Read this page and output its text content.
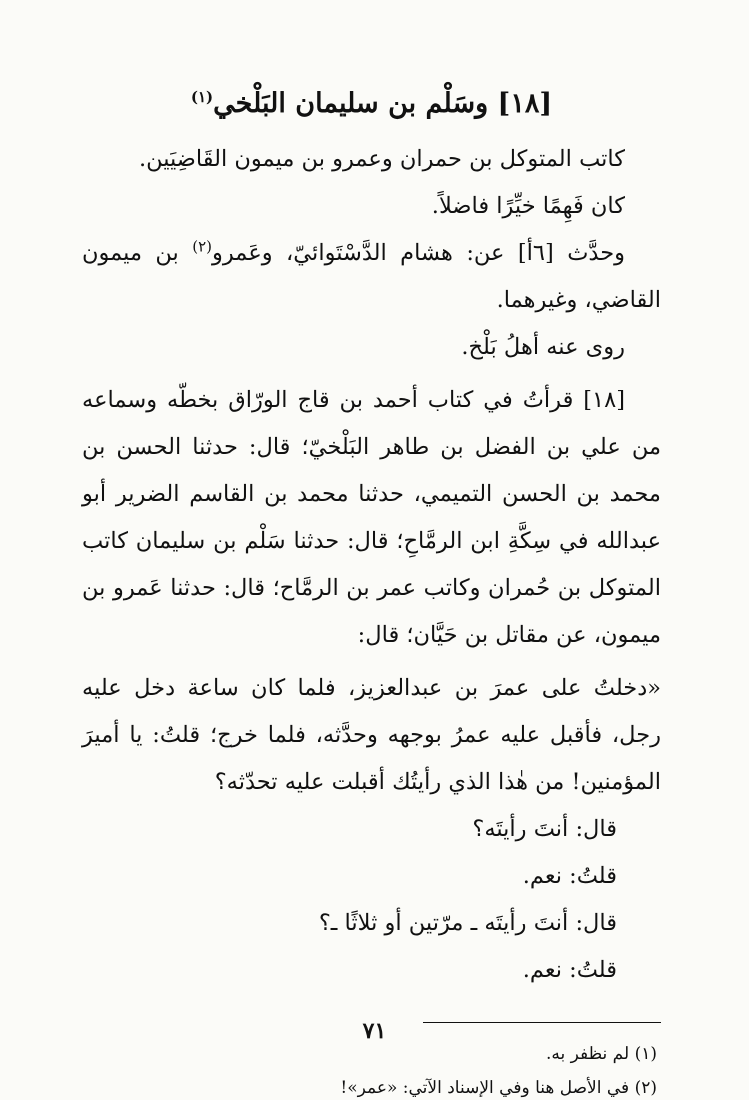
[١٨] وسَلْم بن سليمان البَلْخي$^{(١)}$

كاتب المتوكل بن حمران وعمرو بن ميمون القَاضِيَين.

كان فَهِمًا خيِّرًا فاضلاً.

وحدَّث [٦أ] عن: هشام الدَّسْتَوائيّ، وعَمرو$^{(٢)}$ بن ميمون القاضي، وغيرهما.

روى عنه أهلُ بَلْخ.

[١٨] قرأتُ في كتاب أحمد بن قاج الورّاق بخطّه وسماعه من علي بن الفضل بن طاهر البَلْخيّ؛ قال: حدثنا الحسن بن محمد بن الحسن التميمي، حدثنا محمد بن القاسم الضرير أبو عبدالله في سِكَّةِ ابن الرمَّاحِ؛ قال: حدثنا سَلْم بن سليمان كاتب المتوكل بن حُمران وكاتب عمر بن الرمَّاح؛ قال: حدثنا عَمرو بن ميمون، عن مقاتل بن حَيَّان؛ قال:

«دخلتُ على عمرَ بن عبدالعزيز، فلما كان ساعة دخل عليه رجل، فأقبل عليه عمرُ بوجهه وحدَّثه، فلما خرج؛ قلتُ: يا أميرَ المؤمنين! من هٰذا الذي رأيتُك أقبلت عليه تحدّثه؟

قال: أنتَ رأيتَه؟

قلتُ: نعم.

قال: أنتَ رأيتَه ـ مرّتين أو ثلاثًا ـ؟

قلتُ: نعم.

(١) لم نظفر به.

(٢) في الأصل هنا وفي الإسناد الآتي: «عمر»!

٧١
